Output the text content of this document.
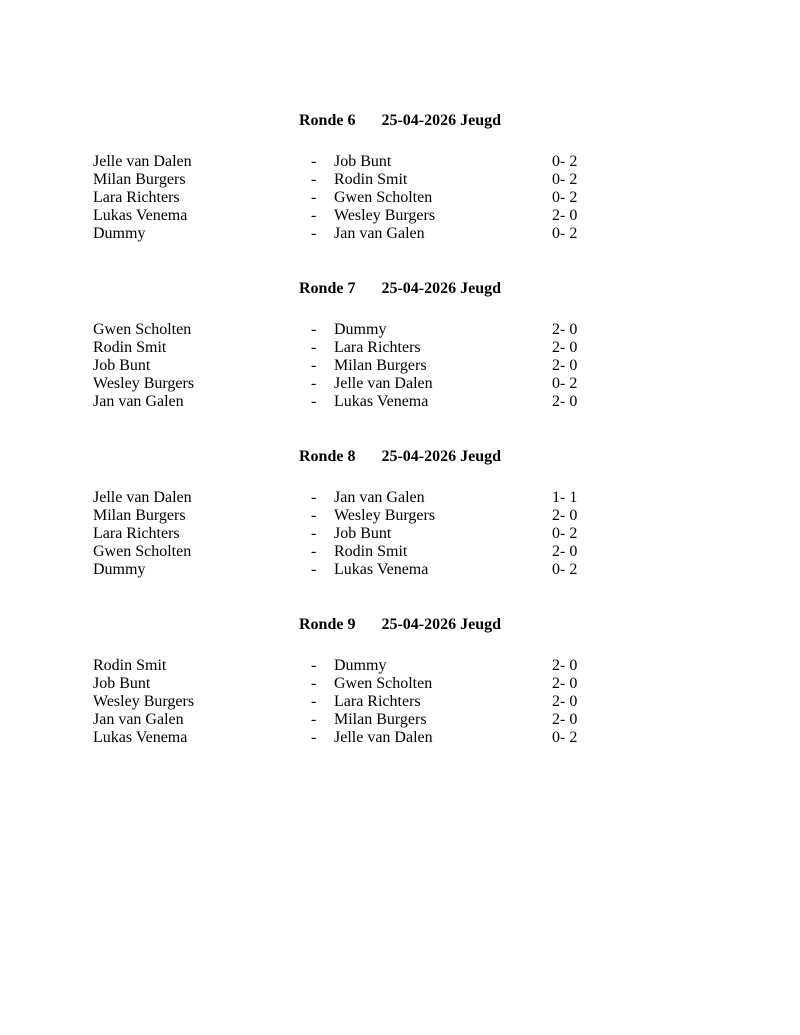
Ronde 6 25-04-2026 Jeugd
Jelle van Dalen	-	Job Bunt	0- 2
Milan Burgers	-	Rodin Smit	0- 2
Lara Richters	-	Gwen Scholten	0- 2
Lukas Venema	-	Wesley Burgers	2- 0
Dummy	-	Jan van Galen	0- 2
Ronde 7 25-04-2026 Jeugd
Gwen Scholten	-	Dummy	2- 0
Rodin Smit	-	Lara Richters	2- 0
Job Bunt	-	Milan Burgers	2- 0
Wesley Burgers	-	Jelle van Dalen	0- 2
Jan van Galen	-	Lukas Venema	2- 0
Ronde 8 25-04-2026 Jeugd
Jelle van Dalen	-	Jan van Galen	1- 1
Milan Burgers	-	Wesley Burgers	2- 0
Lara Richters	-	Job Bunt	0- 2
Gwen Scholten	-	Rodin Smit	2- 0
Dummy	-	Lukas Venema	0- 2
Ronde 9 25-04-2026 Jeugd
Rodin Smit	-	Dummy	2- 0
Job Bunt	-	Gwen Scholten	2- 0
Wesley Burgers	-	Lara Richters	2- 0
Jan van Galen	-	Milan Burgers	2- 0
Lukas Venema	-	Jelle van Dalen	0- 2
